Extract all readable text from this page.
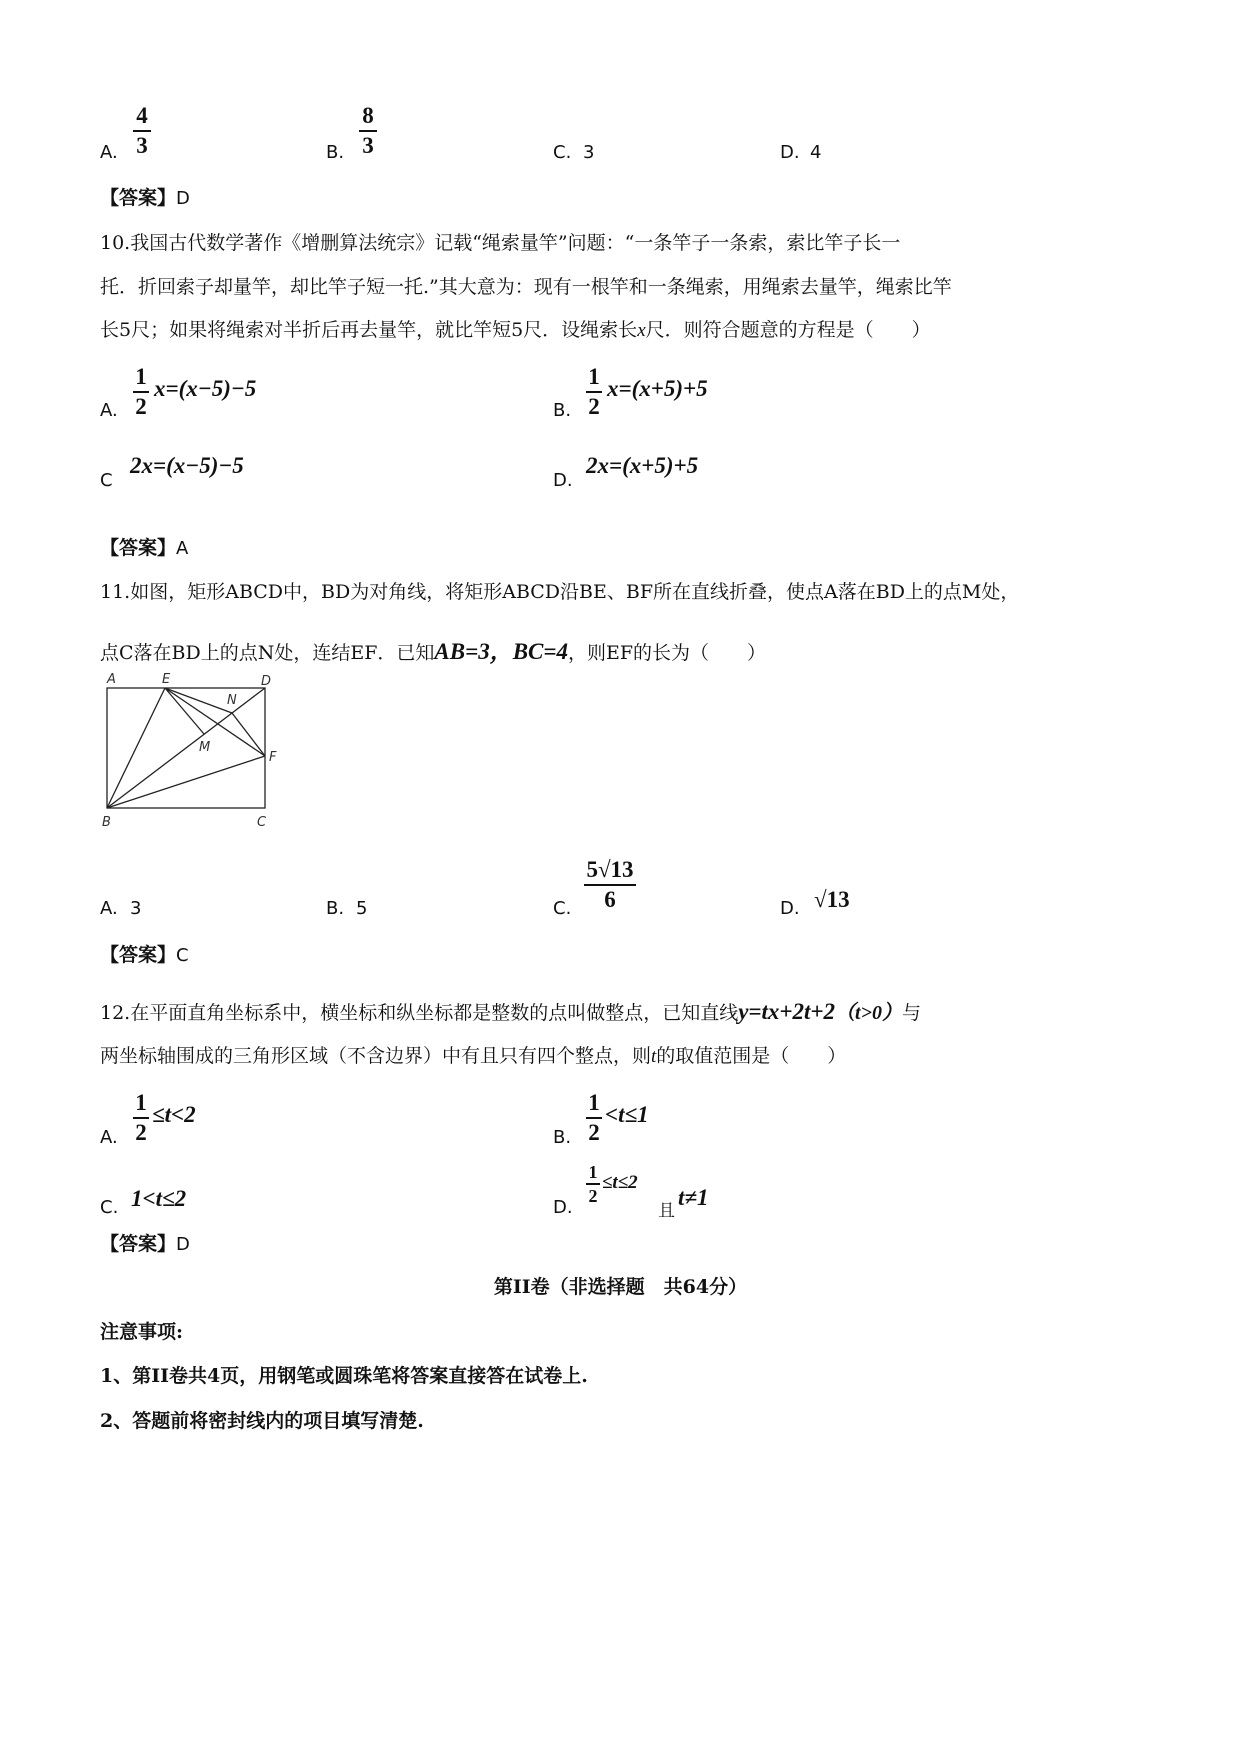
A.
4
3	B.
8
3	C. 3	D. 4
【答案】D
10.我国古代数学著作《增删算法统宗》记载“绳索量竿”问题：“一条竿子一条索，索比竿子长一
托．折回索子却量竿，却比竿子短一托.”其大意为：现有一根竿和一条绳索，用绳索去量竿，绳索比竿
长5尺；如果将绳索对半折后再去量竿，就比竿短5尺．设绳索长x尺．则符合题意的方程是（　　）
A.
1
2
x=(x−5)−5
B.
1
2
x=(x+5)+5
C
2x=(x−5)−5
D.
2x=(x+5)+5
【答案】A
11.如图，矩形ABCD中，BD为对角线，将矩形ABCD沿BE、BF所在直线折叠，使点A落在BD上的点M处，
点C落在BD上的点N处，连结EF．已知AB=3，BC=4，则EF的长为（　　）
A	E	D
N
M
F
B	C
A. 3	B. 5	C.
5√13
6	D. √13
【答案】C
12.在平面直角坐标系中，横坐标和纵坐标都是整数的点叫做整点，已知直线y=tx+2t+2（t>0）与
两坐标轴围成的三角形区域（不含边界）中有且只有四个整点，则t的取值范围是（　　）
A.
1
2
≤t<2
B.
1
2
<t≤1
C. 1<t≤2	D.
1
2
≤t≤2
且
t≠1
【答案】D
第II卷（非选择题　共64分）
注意事项:
1、第II卷共4页，用钢笔或圆珠笔将答案直接答在试卷上.
2、答题前将密封线内的项目填写清楚.
